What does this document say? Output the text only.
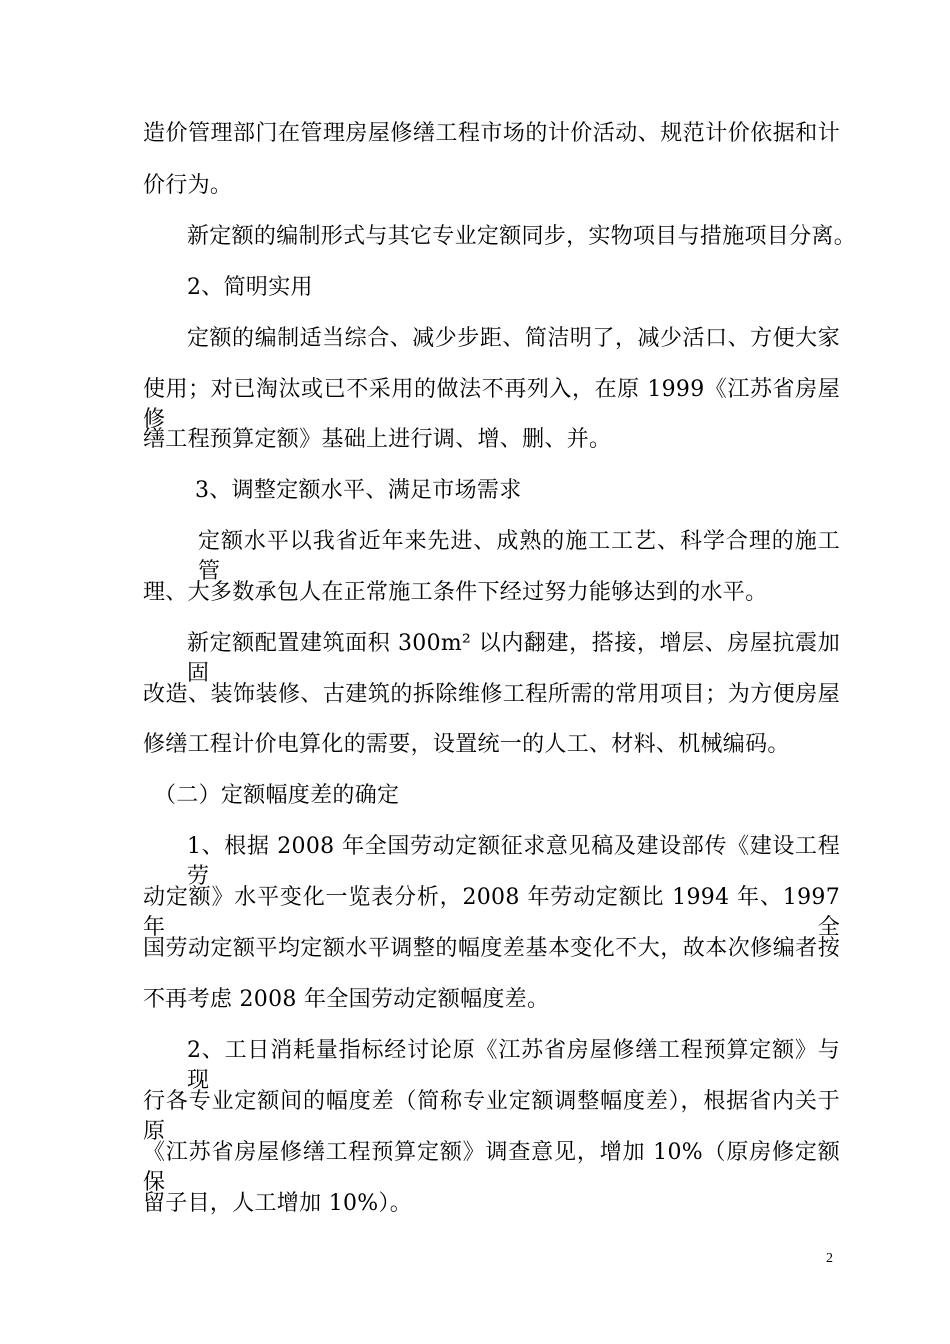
造价管理部门在管理房屋修缮工程市场的计价活动、规范计价依据和计
价行为。
新定额的编制形式与其它专业定额同步，实物项目与措施项目分离。
2、简明实用
定额的编制适当综合、减少步距、简洁明了，减少活口、方便大家
使用；对已淘汰或已不采用的做法不再列入，在原 1999《江苏省房屋修
缮工程预算定额》基础上进行调、增、删、并。
3、调整定额水平、满足市场需求
定额水平以我省近年来先进、成熟的施工工艺、科学合理的施工管
理、大多数承包人在正常施工条件下经过努力能够达到的水平。
新定额配置建筑面积 300m² 以内翻建，搭接，增层、房屋抗震加固
改造、装饰装修、古建筑的拆除维修工程所需的常用项目；为方便房屋
修缮工程计价电算化的需要，设置统一的人工、材料、机械编码。
（二）定额幅度差的确定
1、根据 2008 年全国劳动定额征求意见稿及建设部传《建设工程劳
动定额》水平变化一览表分析，2008 年劳动定额比 1994 年、1997 年全
国劳动定额平均定额水平调整的幅度差基本变化不大，故本次修编者按
不再考虑 2008 年全国劳动定额幅度差。
2、工日消耗量指标经讨论原《江苏省房屋修缮工程预算定额》与现
行各专业定额间的幅度差（简称专业定额调整幅度差），根据省内关于原
《江苏省房屋修缮工程预算定额》调查意见，增加 10%（原房修定额保
留子目，人工增加 10%）。
2
